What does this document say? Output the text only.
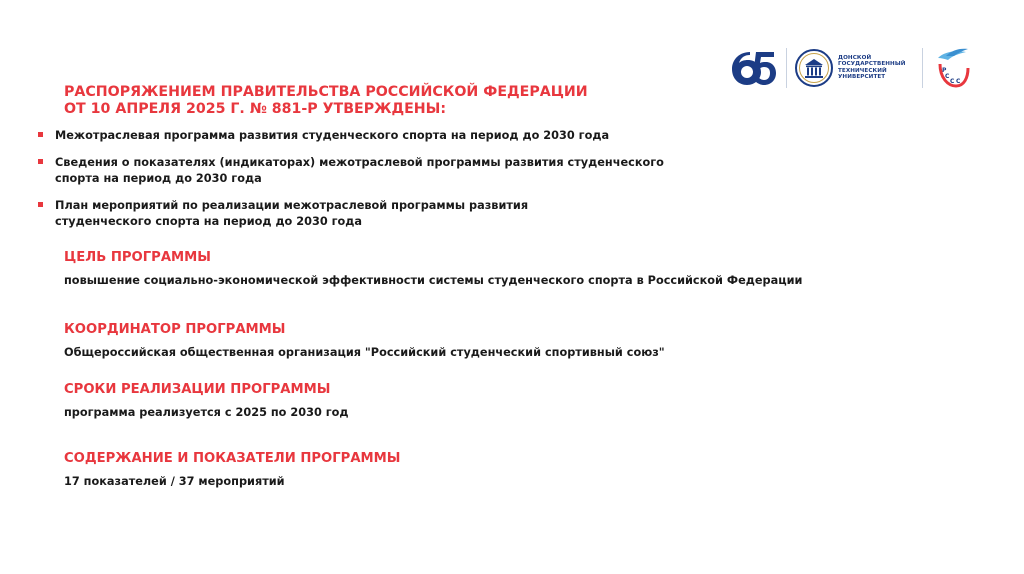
ДОНСКОЙ ГОСУДАРСТВЕННЫЙ ТЕХНИЧЕСКИЙ УНИВЕРСИТЕТ
Р
С
С С
РАСПОРЯЖЕНИЕМ ПРАВИТЕЛЬСТВА РОССИЙСКОЙ ФЕДЕРАЦИИ
ОТ 10 АПРЕЛЯ 2025 Г. № 881-Р УТВЕРЖДЕНЫ:
Межотраслевая программа развития студенческого спорта на период до 2030 года
Сведения о показателях (индикаторах) межотраслевой программы развития студенческого спорта на период до 2030 года
План мероприятий по реализации межотраслевой программы развития студенческого спорта на период до 2030 года
ЦЕЛЬ ПРОГРАММЫ

повышение социально-экономической эффективности системы студенческого спорта в Российской Федерации

КООРДИНАТОР ПРОГРАММЫ

Общероссийская общественная организация "Российский студенческий спортивный союз"

СРОКИ РЕАЛИЗАЦИИ ПРОГРАММЫ

программа реализуется с 2025 по 2030 год

СОДЕРЖАНИЕ И ПОКАЗАТЕЛИ ПРОГРАММЫ

17 показателей / 37 мероприятий
